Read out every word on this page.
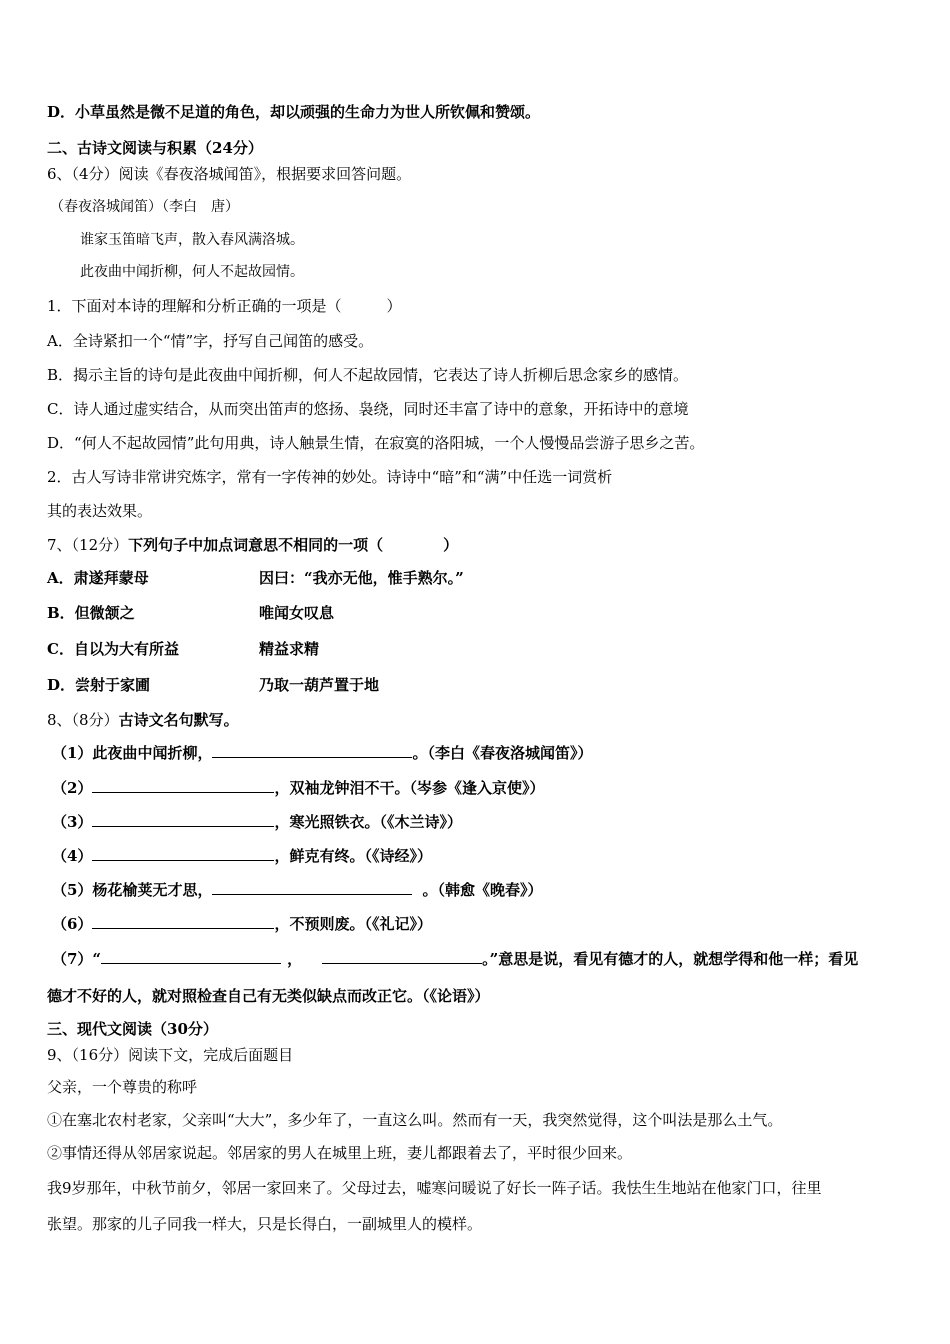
D．小草虽然是微不足道的角色，却以顽强的生命力为世人所钦佩和赞颂。
二、古诗文阅读与积累（24分）
6、（4分）阅读《春夜洛城闻笛》，根据要求回答问题。
（春夜洛城闻笛）（李白　唐）
谁家玉笛暗飞声，散入春风满洛城。
此夜曲中闻折柳，何人不起故园情。
1．下面对本诗的理解和分析正确的一项是（　　　）
A．全诗紧扣一个“情”字，抒写自己闻笛的感受。
B．揭示主旨的诗句是此夜曲中闻折柳，何人不起故园情，它表达了诗人折柳后思念家乡的感情。
C．诗人通过虚实结合，从而突出笛声的悠扬、袅绕，同时还丰富了诗中的意象，开拓诗中的意境
D．“何人不起故园情”此句用典，诗人触景生情，在寂寞的洛阳城，一个人慢慢品尝游子思乡之苦。
2．古人写诗非常讲究炼字，常有一字传神的妙处。诗诗中“暗”和“满”中任选一词赏析
其的表达效果。
7、（12分）下列句子中加点词意思不相同的一项（　　　　）
A．肃遂拜蒙母	因曰：“我亦无他，惟手熟尔。”
B．但微颔之	唯闻女叹息
C．自以为大有所益	精益求精
D．尝射于家圃	乃取一葫芦置于地
8、（8分）古诗文名句默写。
（1）此夜曲中闻折柳，	。（李白《春夜洛城闻笛》）
（2）	，双袖龙钟泪不干。（岑参《逢入京使》）
（3）	，寒光照铁衣。（《木兰诗》）
（4）	，鲜克有终。（《诗经》）
（5）杨花榆荚无才思，	。（韩愈《晚春》）
（6）	，不预则废。（《礼记》）
（7）“	，	。”意思是说，看见有德才的人，就想学得和他一样；看见
德才不好的人，就对照检查自己有无类似缺点而改正它。（《论语》）
三、现代文阅读（30分）
9、（16分）阅读下文，完成后面题目
父亲，一个尊贵的称呼
①在塞北农村老家，父亲叫“大大”，多少年了，一直这么叫。然而有一天，我突然觉得，这个叫法是那么土气。
②事情还得从邻居家说起。邻居家的男人在城里上班，妻儿都跟着去了，平时很少回来。
我9岁那年，中秋节前夕，邻居一家回来了。父母过去，嘘寒问暖说了好长一阵子话。我怯生生地站在他家门口，往里
张望。那家的儿子同我一样大，只是长得白，一副城里人的模样。
